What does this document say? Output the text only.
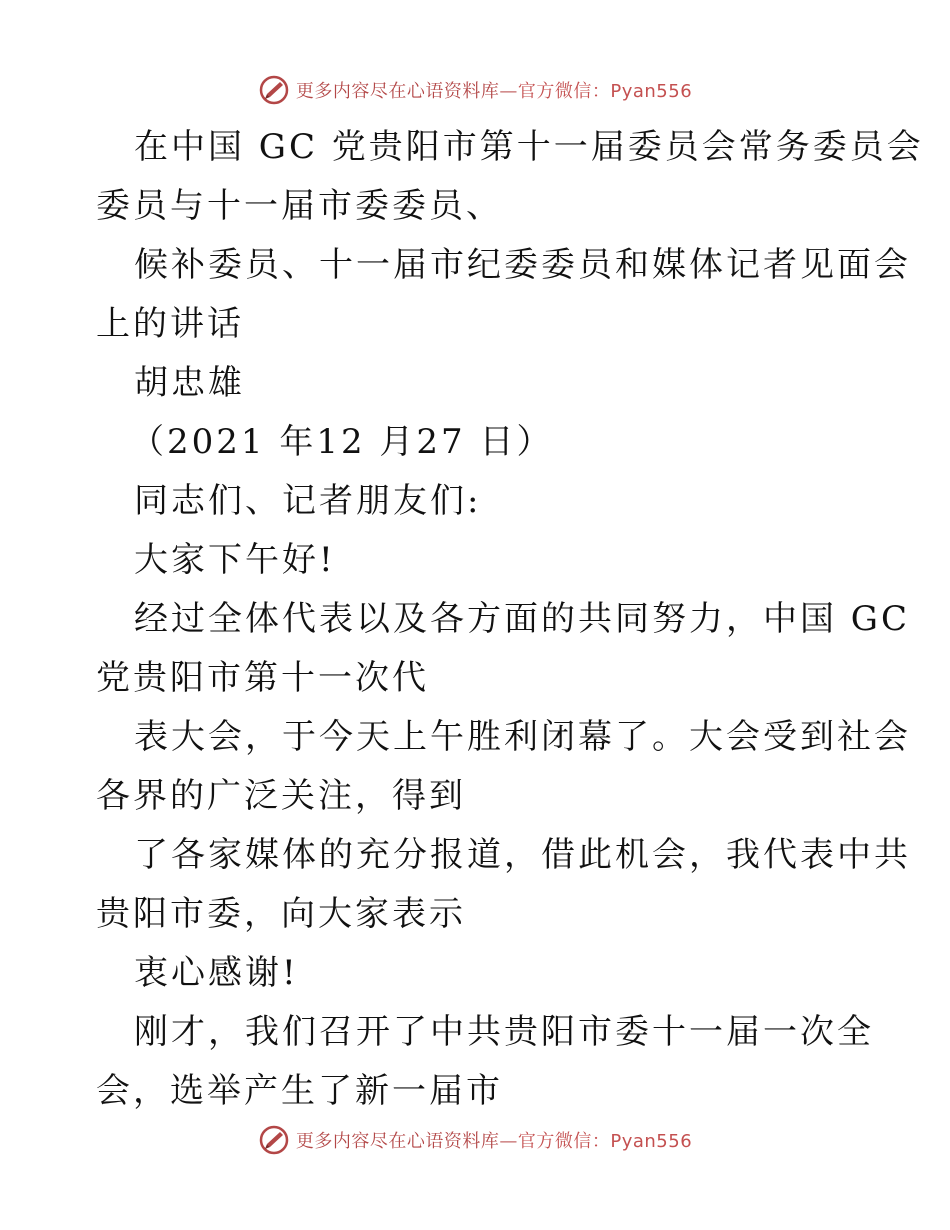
更多内容尽在心语资料库—官方微信：Pyan556
在中国 GC 党贵阳市第十一届委员会常务委员会
委员与十一届市委委员、
候补委员、十一届市纪委委员和媒体记者见面会
上的讲话
胡忠雄
（2021 年12 月27 日）
同志们、记者朋友们:
大家下午好!
经过全体代表以及各方面的共同努力，中国 GC
党贵阳市第十一次代
表大会，于今天上午胜利闭幕了。大会受到社会
各界的广泛关注，得到
了各家媒体的充分报道，借此机会，我代表中共
贵阳市委，向大家表示
衷心感谢!
刚才，我们召开了中共贵阳市委十一届一次全
会，选举产生了新一届市
更多内容尽在心语资料库—官方微信：Pyan556
